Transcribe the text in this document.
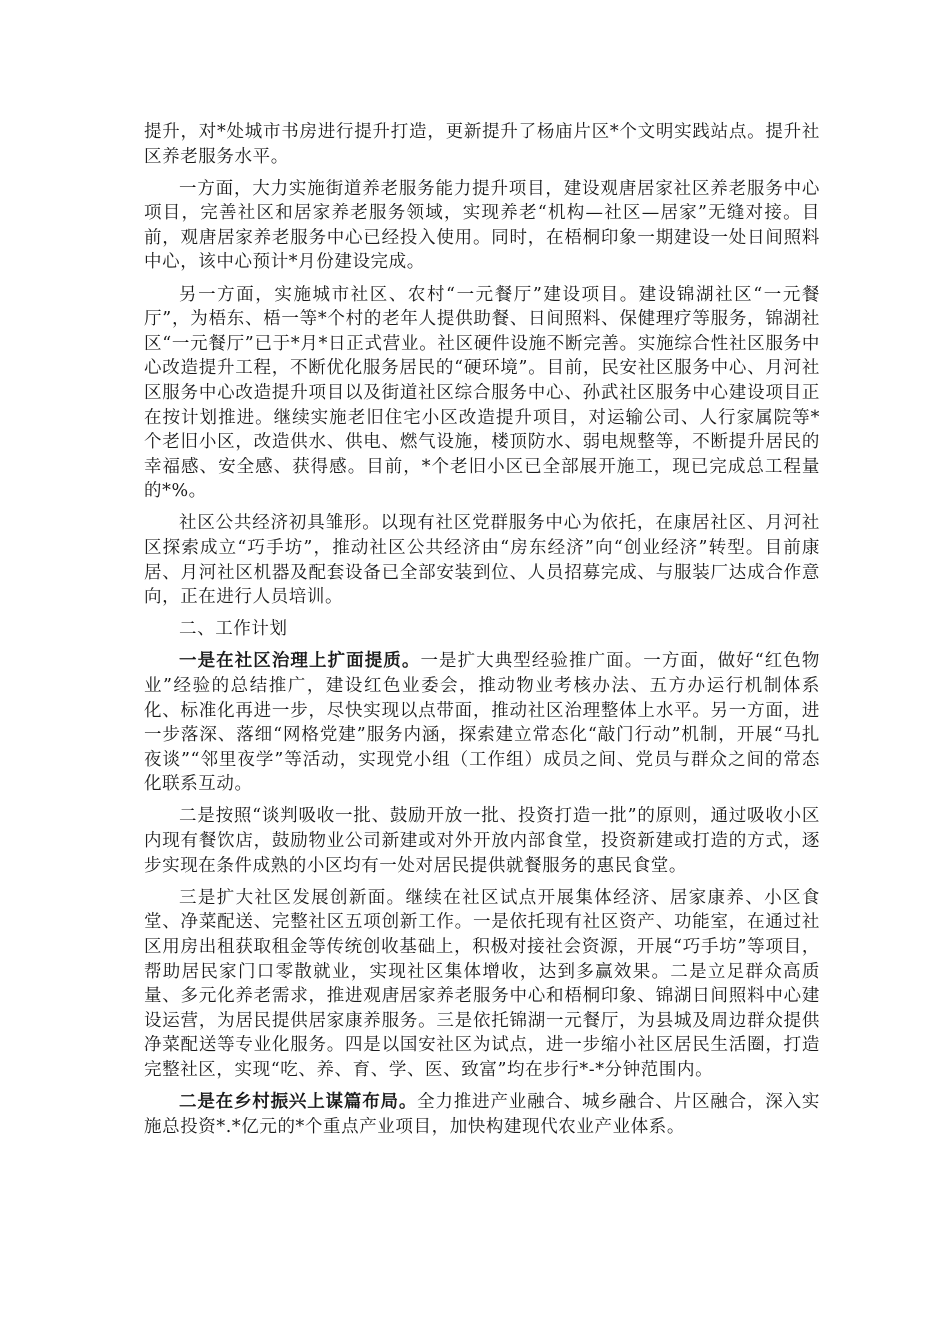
提升，对*处城市书房进行提升打造，更新提升了杨庙片区*个文明实践站点。提升社区养老服务水平。

一方面，大力实施街道养老服务能力提升项目，建设观唐居家社区养老服务中心项目，完善社区和居家养老服务领域，实现养老“机构—社区—居家”无缝对接。目前，观唐居家养老服务中心已经投入使用。同时，在梧桐印象一期建设一处日间照料中心，该中心预计*月份建设完成。

另一方面，实施城市社区、农村“一元餐厅”建设项目。建设锦湖社区“一元餐厅”，为梧东、梧一等*个村的老年人提供助餐、日间照料、保健理疗等服务，锦湖社区“一元餐厅”已于*月*日正式营业。社区硬件设施不断完善。实施综合性社区服务中心改造提升工程，不断优化服务居民的“硬环境”。目前，民安社区服务中心、月河社区服务中心改造提升项目以及街道社区综合服务中心、孙武社区服务中心建设项目正在按计划推进。继续实施老旧住宅小区改造提升项目，对运输公司、人行家属院等*个老旧小区，改造供水、供电、燃气设施，楼顶防水、弱电规整等，不断提升居民的幸福感、安全感、获得感。目前，*个老旧小区已全部展开施工，现已完成总工程量的*%。

社区公共经济初具雏形。以现有社区党群服务中心为依托，在康居社区、月河社区探索成立“巧手坊”，推动社区公共经济由“房东经济”向“创业经济”转型。目前康居、月河社区机器及配套设备已全部安装到位、人员招募完成、与服装厂达成合作意向，正在进行人员培训。

二、工作计划

一是在社区治理上扩面提质。一是扩大典型经验推广面。一方面，做好“红色物业”经验的总结推广，建设红色业委会，推动物业考核办法、五方办运行机制体系化、标准化再进一步，尽快实现以点带面，推动社区治理整体上水平。另一方面，进一步落深、落细“网格党建”服务内涵，探索建立常态化“敲门行动”机制，开展“马扎夜谈”“邻里夜学”等活动，实现党小组（工作组）成员之间、党员与群众之间的常态化联系互动。

二是按照“谈判吸收一批、鼓励开放一批、投资打造一批”的原则，通过吸收小区内现有餐饮店，鼓励物业公司新建或对外开放内部食堂，投资新建或打造的方式，逐步实现在条件成熟的小区均有一处对居民提供就餐服务的惠民食堂。

三是扩大社区发展创新面。继续在社区试点开展集体经济、居家康养、小区食堂、净菜配送、完整社区五项创新工作。一是依托现有社区资产、功能室，在通过社区用房出租获取租金等传统创收基础上，积极对接社会资源，开展“巧手坊”等项目，帮助居民家门口零散就业，实现社区集体增收，达到多赢效果。二是立足群众高质量、多元化养老需求，推进观唐居家养老服务中心和梧桐印象、锦湖日间照料中心建设运营，为居民提供居家康养服务。三是依托锦湖一元餐厅，为县城及周边群众提供净菜配送等专业化服务。四是以国安社区为试点，进一步缩小社区居民生活圈，打造完整社区，实现“吃、养、育、学、医、致富”均在步行*-*分钟范围内。

二是在乡村振兴上谋篇布局。全力推进产业融合、城乡融合、片区融合，深入实施总投资*.*亿元的*个重点产业项目，加快构建现代农业产业体系。
